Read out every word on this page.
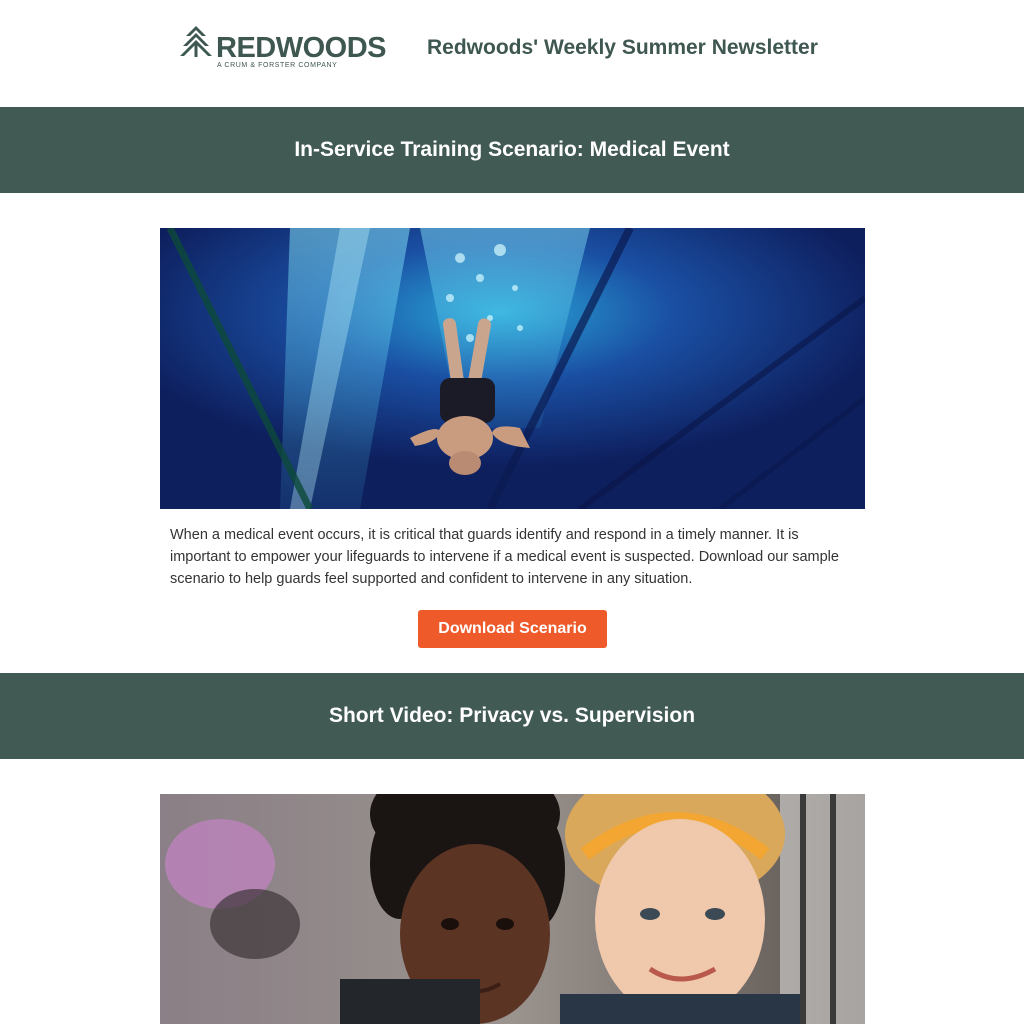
REDWOODS
A CRUM & FORSTER COMPANY
Redwoods' Weekly Summer Newsletter
In-Service Training Scenario: Medical Event
When a medical event occurs, it is critical that guards identify and respond in a timely manner. It is important to empower your lifeguards to intervene if a medical event is suspected. Download our sample scenario to help guards feel supported and confident to intervene in any situation.
Download Scenario
Short Video: Privacy vs. Supervision
